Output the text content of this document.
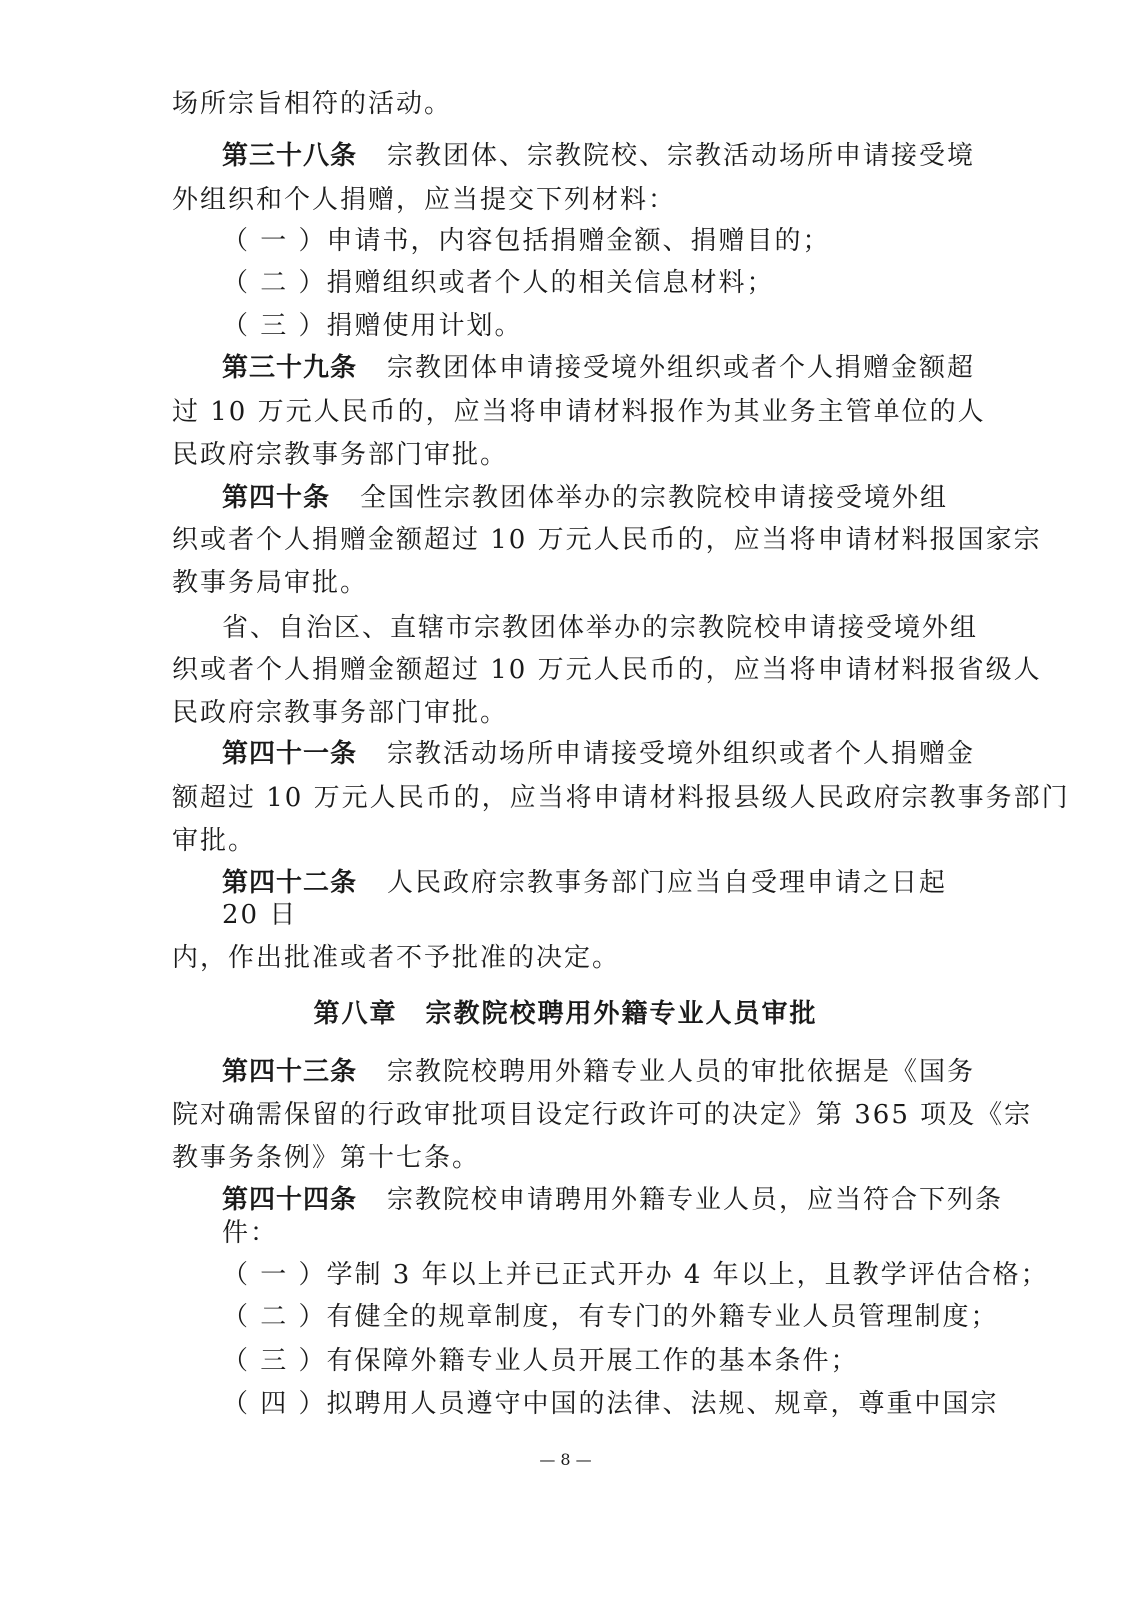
场所宗旨相符的活动。
第三十八条 宗教团体、宗教院校、宗教活动场所申请接受境
外组织和个人捐赠，应当提交下列材料：
（ 一 ）申请书，内容包括捐赠金额、捐赠目的；
（ 二 ）捐赠组织或者个人的相关信息材料；
（ 三 ）捐赠使用计划。
第三十九条 宗教团体申请接受境外组织或者个人捐赠金额超
过 10 万元人民币的，应当将申请材料报作为其业务主管单位的人
民政府宗教事务部门审批。
第四十条 全国性宗教团体举办的宗教院校申请接受境外组
织或者个人捐赠金额超过 10 万元人民币的，应当将申请材料报国家宗
教事务局审批。
省、自治区、直辖市宗教团体举办的宗教院校申请接受境外组
织或者个人捐赠金额超过 10 万元人民币的，应当将申请材料报省级人
民政府宗教事务部门审批。
第四十一条 宗教活动场所申请接受境外组织或者个人捐赠金
额超过 10 万元人民币的，应当将申请材料报县级人民政府宗教事务部门
审批。
第四十二条 人民政府宗教事务部门应当自受理申请之日起
20 日
内，作出批准或者不予批准的决定。
第八章　宗教院校聘用外籍专业人员审批
第四十三条 宗教院校聘用外籍专业人员的审批依据是《国务
院对确需保留的行政审批项目设定行政许可的决定》第 365 项及《宗
教事务条例》第十七条。
第四十四条 宗教院校申请聘用外籍专业人员，应当符合下列条
件：
（ 一 ）学制 3 年以上并已正式开办 4 年以上，且教学评估合格；
（ 二 ）有健全的规章制度，有专门的外籍专业人员管理制度；
（ 三 ）有保障外籍专业人员开展工作的基本条件；
（ 四 ）拟聘用人员遵守中国的法律、法规、规章，尊重中国宗
— 8 —
